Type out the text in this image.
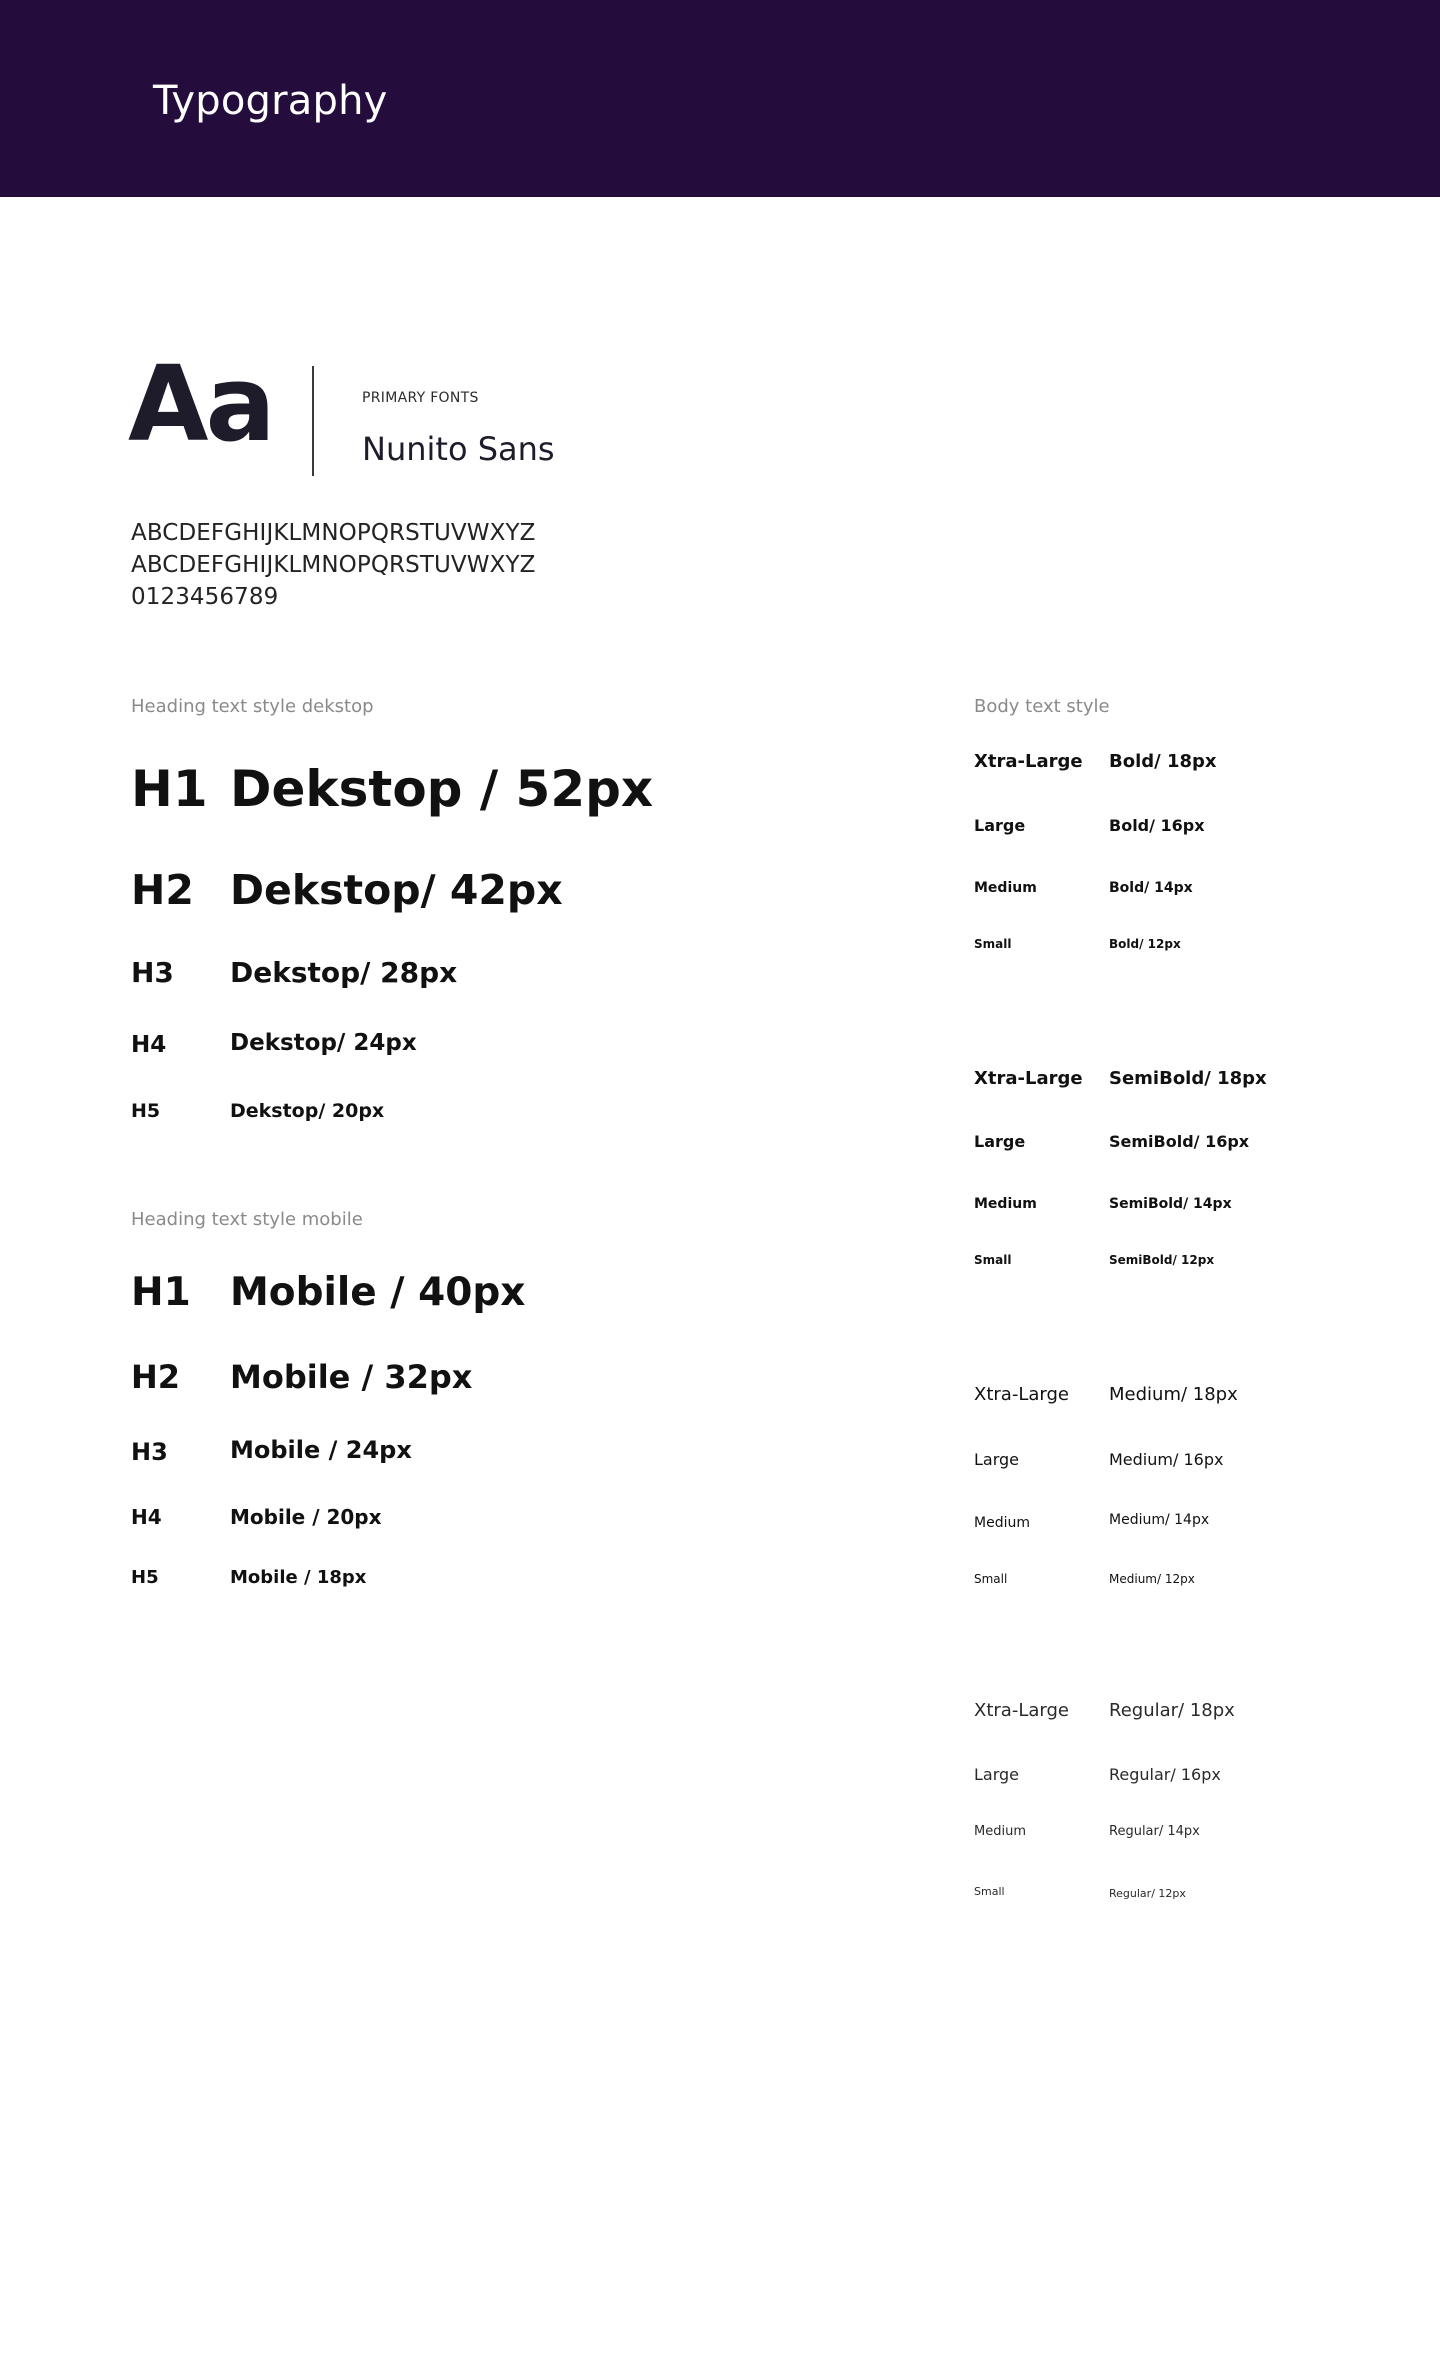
Typography
Aa	PRIMARY FONTS
Nunito Sans
ABCDEFGHIJKLMNOPQRSTUVWXYZ
ABCDEFGHIJKLMNOPQRSTUVWXYZ
0123456789
Heading text style dekstop
H1 Dekstop / 52px
H2 Dekstop/ 42px
H3 Dekstop/ 28px
H4	Dekstop/ 24px
H5	Dekstop/ 20px
Heading text style mobile
H1 Mobile / 40px
H2 Mobile / 32px
H3	Mobile / 24px
H4	Mobile / 20px
H5	Mobile / 18px
Body text style
Xtra-Large Bold/ 18px
Large	Bold/ 16px
Medium	Bold/ 14px
Small	Bold/ 12px
Xtra-Large SemiBold/ 18px
Large	SemiBold/ 16px
Medium	SemiBold/ 14px
Small	SemiBold/ 12px
Xtra-Large Medium/ 18px
Large	Medium/ 16px
Medium	Medium/ 14px
Small	Medium/ 12px
Xtra-Large Regular/ 18px
Large	Regular/ 16px
Medium	Regular/ 14px
Small	Regular/ 12px
